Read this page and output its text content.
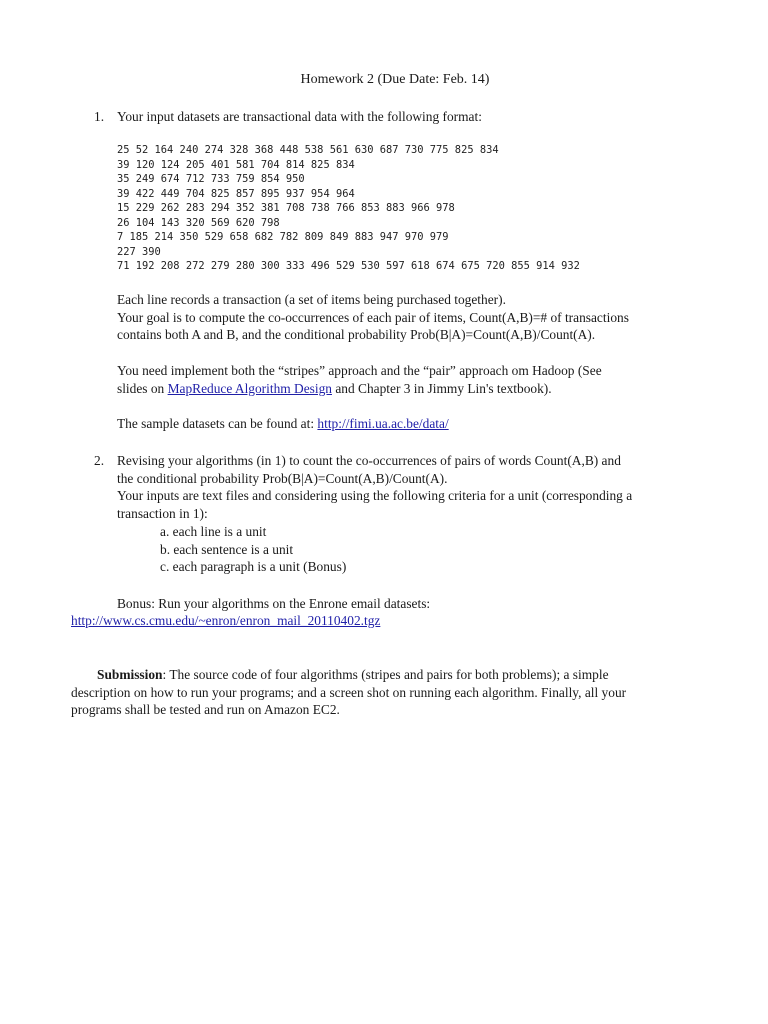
Homework 2 (Due Date: Feb. 14)
1. Your input datasets are transactional data with the following format:
25 52 164 240 274 328 368 448 538 561 630 687 730 775 825 834
39 120 124 205 401 581 704 814 825 834
35 249 674 712 733 759 854 950
39 422 449 704 825 857 895 937 954 964
15 229 262 283 294 352 381 708 738 766 853 883 966 978
26 104 143 320 569 620 798
7 185 214 350 529 658 682 782 809 849 883 947 970 979
227 390
71 192 208 272 279 280 300 333 496 529 530 597 618 674 675 720 855 914 932
Each line records a transaction (a set of items being purchased together).
Your goal is to compute the co-occurrences of each pair of items, Count(A,B)=# of transactions
contains both A and B, and the conditional probability Prob(B|A)=Count(A,B)/Count(A).
You need implement both the “stripes” approach and the “pair” approach om Hadoop (See
slides on MapReduce Algorithm Design and Chapter 3 in Jimmy Lin's textbook).
The sample datasets can be found at: http://fimi.ua.ac.be/data/
2. Revising your algorithms (in 1) to count the co-occurrences of pairs of words Count(A,B) and
the conditional probability Prob(B|A)=Count(A,B)/Count(A).
Your inputs are text files and considering using the following criteria for a unit (corresponding a
transaction in 1):
a. each line is a unit
b. each sentence is a unit
c. each paragraph is a unit (Bonus)
Bonus: Run your algorithms on the Enrone email datasets:
http://www.cs.cmu.edu/~enron/enron_mail_20110402.tgz
Submission: The source code of four algorithms (stripes and pairs for both problems); a simple
description on how to run your programs; and a screen shot on running each algorithm. Finally, all your
programs shall be tested and run on Amazon EC2.
